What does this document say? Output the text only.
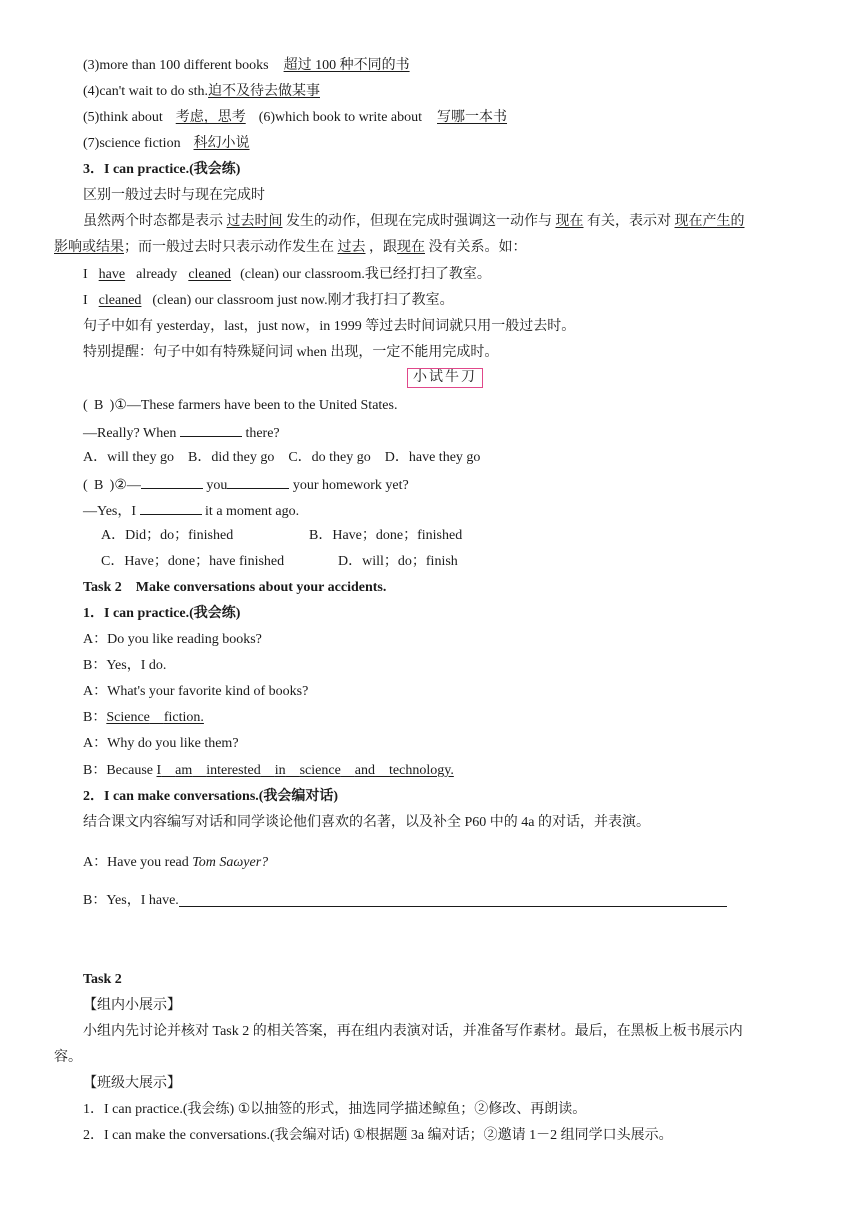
(3)more than 100 different books 超过 100 种不同的书
(4)can't wait to do sth.迫不及待去做某事
(5)think about 考虑，思考 (6)which book to write about 写哪一本书
(7)science fiction 科幻小说
3．I can practice.(我会练)
区别一般过去时与现在完成时
虽然两个时态都是表示 过去时间 发生的动作，但现在完成时强调这一动作与 现在 有关，表示对 现在产生的
影响或结果；而一般过去时只表示动作发生在 过去 ，跟现在 没有关系。如：
I have already cleaned (clean) our classroom.我已经打扫了教室。
I cleaned (clean) our classroom just now.刚才我打扫了教室。
句子中如有 yesterday，last，just now，in 1999 等过去时间词就只用一般过去时。
特别提醒：句子中如有特殊疑问词 when 出现，一定不能用完成时。
小试牛刀
( B )①—These farmers have been to the United States.
—Really? When	there?
A．will they go　B．did they go　C．do they go　D．have they go
( B )②—	you	your homework yet?
—Yes，I	it a moment ago.
A．Did；do；finished	B．Have；done；finished
C．Have；done；have finished	D．will；do；finish
Task 2　Make conversations about your accidents.
1．I can practice.(我会练)
A：Do you like reading books?
B：Yes，I do.
A：What's your favorite kind of books?
B：Science fiction.
A：Why do you like them?
B：Because I am interested in science and technology.
2．I can make conversations.(我会编对话)
结合课文内容编写对话和同学谈论他们喜欢的名著，以及补全 P60 中的 4a 的对话，并表演。
A：Have you read Tom Saωyer?
B：Yes，I have.
Task 2
【组内小展示】
小组内先讨论并核对 Task 2 的相关答案，再在组内表演对话，并准备写作素材。最后，在黑板上板书展示内
容。
【班级大展示】
1．I can practice.(我会练) ①以抽签的形式，抽选同学描述鲸鱼；②修改、再朗读。
2．I can make the conversations.(我会编对话) ①根据题 3a 编对话；②邀请 1－2 组同学口头展示。
